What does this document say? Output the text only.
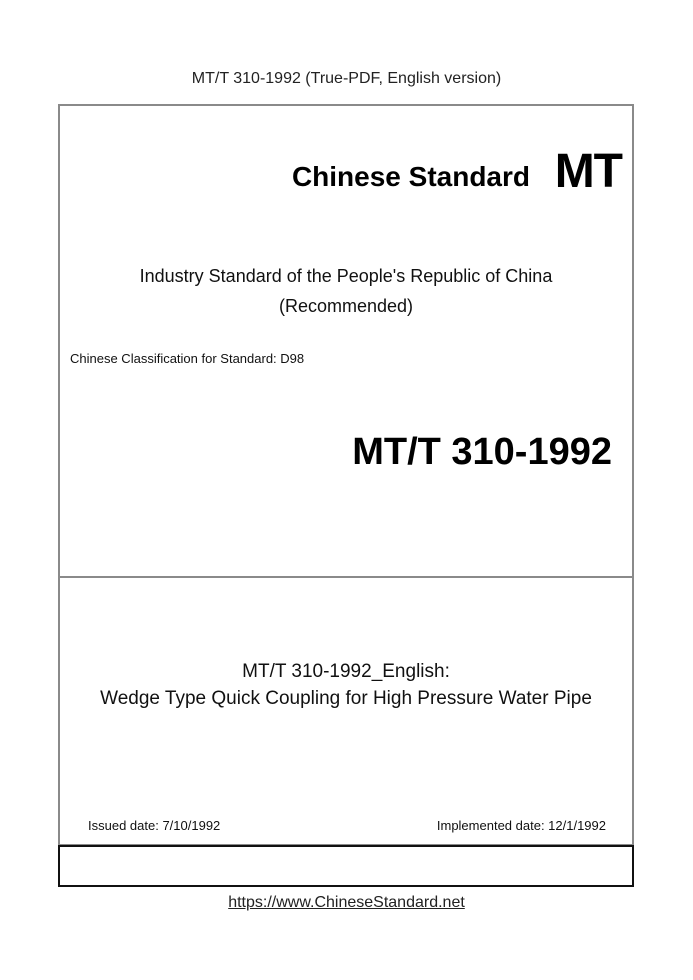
MT/T 310-1992 (True-PDF, English version)
Chinese Standard MT
Industry Standard of the People's Republic of China
(Recommended)
Chinese Classification for Standard: D98
MT/T 310-1992
MT/T 310-1992_English:
Wedge Type Quick Coupling for High Pressure Water Pipe
Issued date: 7/10/1992	Implemented date: 12/1/1992
https://www.ChineseStandard.net
